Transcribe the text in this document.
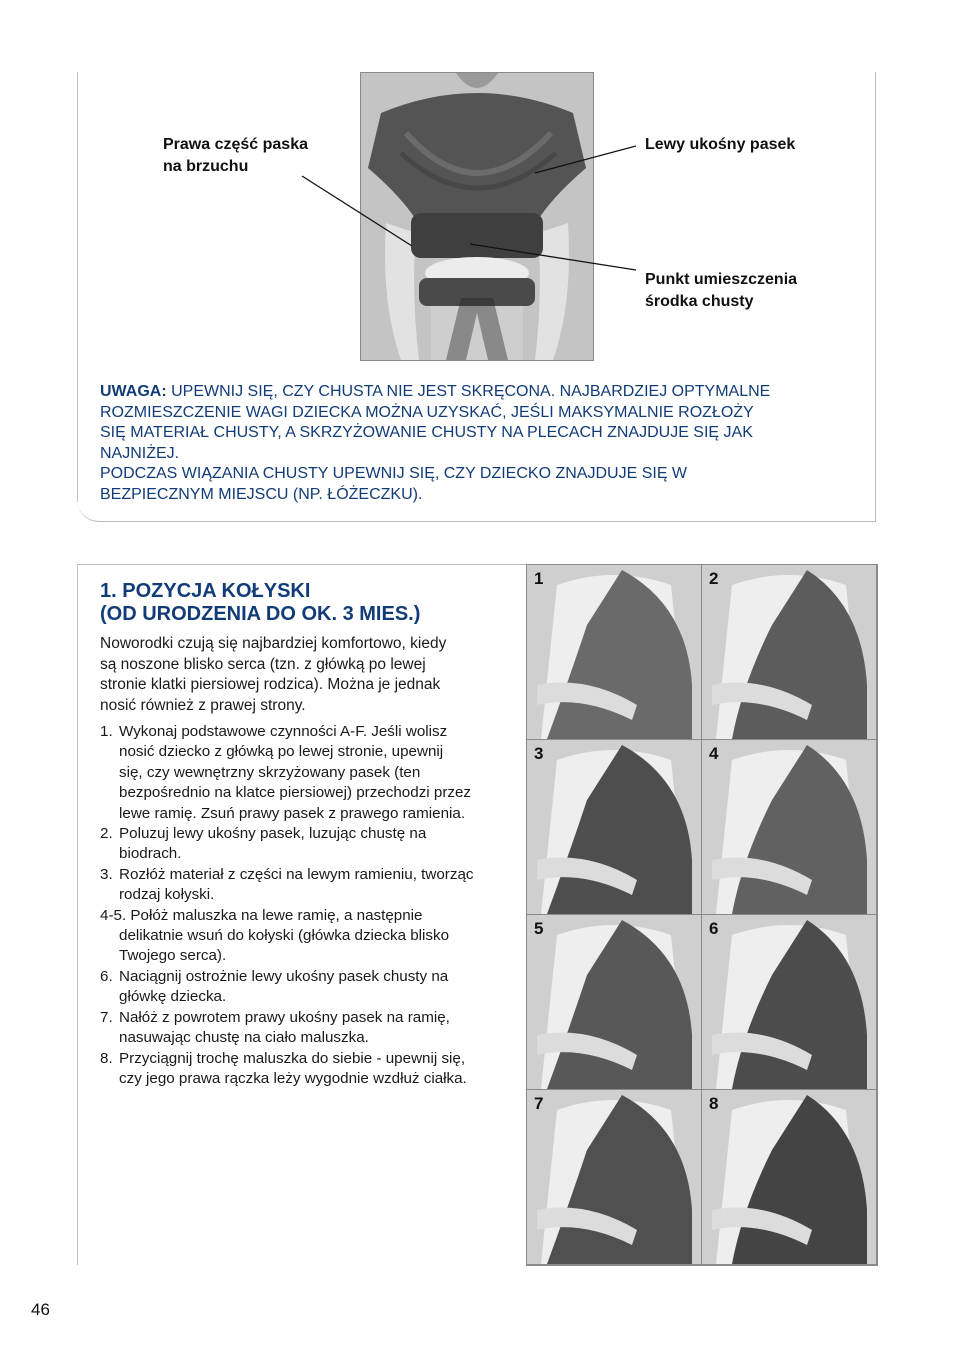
Prawa część paska
na brzuchu
Lewy ukośny pasek
Punkt umieszczenia
środka chusty
UWAGA: UPEWNIJ SIĘ, CZY CHUSTA NIE JEST SKRĘCONA. NAJBARDZIEJ OPTYMALNE
ROZMIESZCZENIE WAGI DZIECKA MOŻNA UZYSKAĆ, JEŚLI MAKSYMALNIE ROZŁOŻY
SIĘ MATERIAŁ CHUSTY, A SKRZYŻOWANIE CHUSTY NA PLECACH ZNAJDUJE SIĘ JAK
NAJNIŻEJ.
PODCZAS WIĄZANIA CHUSTY UPEWNIJ SIĘ, CZY DZIECKO ZNAJDUJE SIĘ W
BEZPIECZNYM MIEJSCU (NP. ŁÓŻECZKU).
1. POZYCJA KOŁYSKI
(OD URODZENIA DO OK. 3 MIES.)
Noworodki czują się najbardziej komfortowo, kiedy
są noszone blisko serca (tzn. z główką po lewej
stronie klatki piersiowej rodzica). Można je jednak
nosić również z prawej strony.
1. Wykonaj podstawowe czynności A-F. Jeśli wolisz
nosić dziecko z główką po lewej stronie, upewnij
się, czy wewnętrzny skrzyżowany pasek (ten
bezpośrednio na klatce piersiowej) przechodzi przez
lewe ramię. Zsuń prawy pasek z prawego ramienia.
2. Poluzuj lewy ukośny pasek, luzując chustę na
biodrach.
3. Rozłóż materiał z części na lewym ramieniu, tworząc
rodzaj kołyski.
4-5. Połóż maluszka na lewe ramię, a następnie
delikatnie wsuń do kołyski (główka dziecka blisko
Twojego serca).
6. Naciągnij ostrożnie lewy ukośny pasek chusty na
główkę dziecka.
7. Nałóż z powrotem prawy ukośny pasek na ramię,
nasuwając chustę na ciało maluszka.
8. Przyciągnij trochę maluszka do siebie - upewnij się,
czy jego prawa rączka leży wygodnie wzdłuż ciałka.
1	2
3	4
5	6
7	8
46
